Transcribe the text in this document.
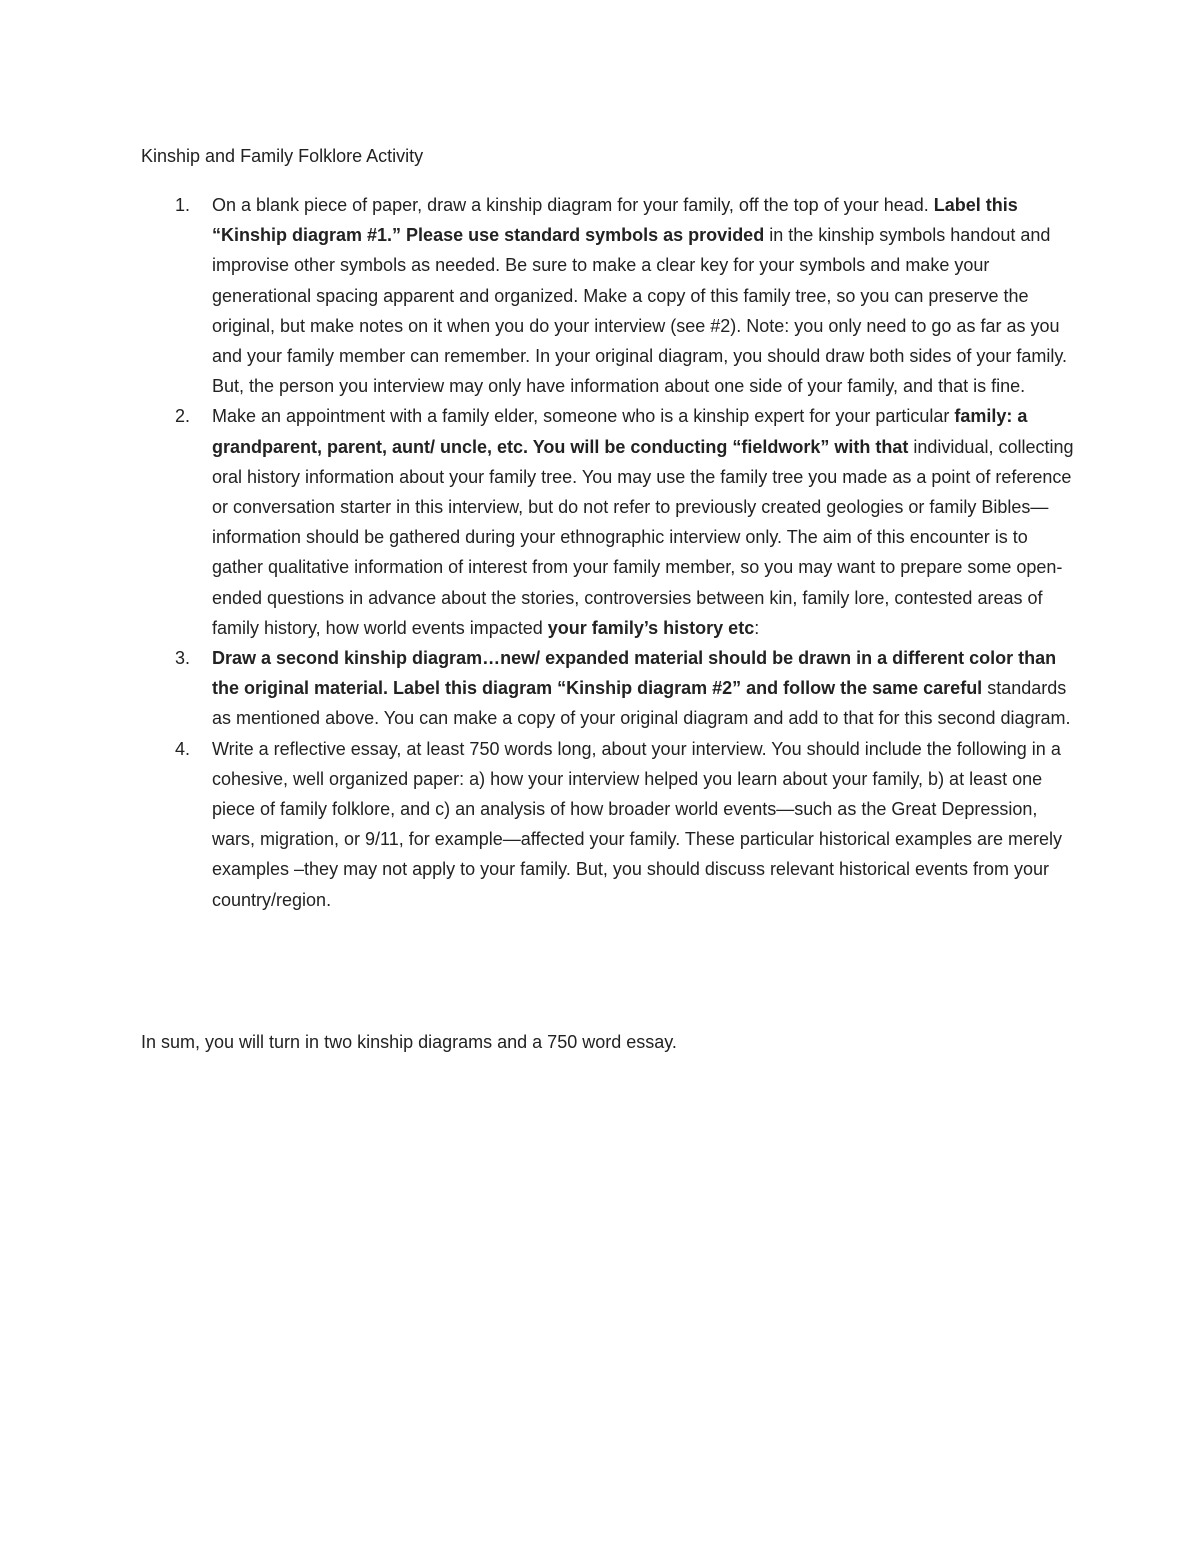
Kinship and Family Folklore Activity
1.	On a blank piece of paper, draw a kinship diagram for your family, off the top of your head. Label this “Kinship diagram #1.” Please use standard symbols as provided in the kinship symbols handout and improvise other symbols as needed. Be sure to make a clear key for your symbols and make your generational spacing apparent and organized. Make a copy of this family tree, so you can preserve the original, but make notes on it when you do your interview (see #2). Note: you only need to go as far as you and your family member can remember. In your original diagram, you should draw both sides of your family. But, the person you interview may only have information about one side of your family, and that is fine.

2.	Make an appointment with a family elder, someone who is a kinship expert for your particular family: a grandparent, parent, aunt/ uncle, etc. You will be conducting “fieldwork” with that individual, collecting oral history information about your family tree. You may use the family tree you made as a point of reference or conversation starter in this interview, but do not refer to previously created geologies or family Bibles—information should be gathered during your ethnographic interview only. The aim of this encounter is to gather qualitative information of interest from your family member, so you may want to prepare some open-ended questions in advance about the stories, controversies between kin, family lore, contested areas of family history, how world events impacted your family’s history etc:

3.	Draw a second kinship diagram…new/ expanded material should be drawn in a different color than the original material. Label this diagram “Kinship diagram #2” and follow the same careful standards as mentioned above. You can make a copy of your original diagram and add to that for this second diagram.

4.	Write a reflective essay, at least 750 words long, about your interview. You should include the following in a cohesive, well organized paper: a) how your interview helped you learn about your family, b) at least one piece of family folklore, and c) an analysis of how broader world events—such as the Great Depression, wars, migration, or 9/11, for example—affected your family. These particular historical examples are merely examples –they may not apply to your family. But, you should discuss relevant historical events from your country/region.

In sum, you will turn in two kinship diagrams and a 750 word essay.
